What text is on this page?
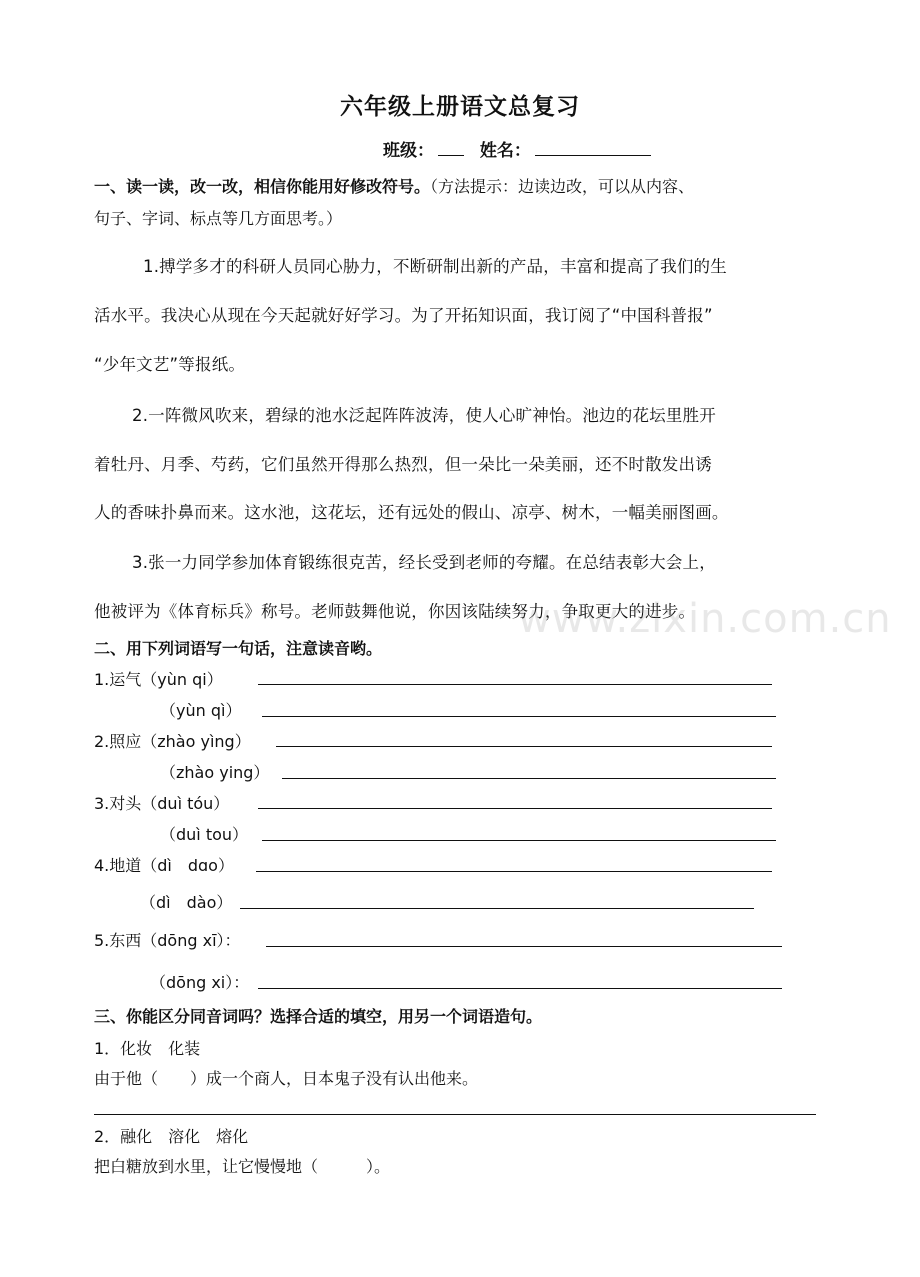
六年级上册语文总复习
班级：	姓名：
一、读一读，改一改，相信你能用好修改符号。（方法提示：边读边改，可以从内容、
句子、字词、标点等几方面思考。）
1.搏学多才的科研人员同心胁力，不断研制出新的产品，丰富和提高了我们的生
活水平。我决心从现在今天起就好好学习。为了开拓知识面，我订阅了“中国科普报”
“少年文艺”等报纸。
2.一阵微风吹来，碧绿的池水泛起阵阵波涛，使人心旷神怡。池边的花坛里胜开
着牡丹、月季、芍药，它们虽然开得那么热烈，但一朵比一朵美丽，还不时散发出诱
人的香味扑鼻而来。这水池，这花坛，还有远处的假山、凉亭、树木，一幅美丽图画。
3.张一力同学参加体育锻练很克苦，经长受到老师的夸耀。在总结表彰大会上，
他被评为《体育标兵》称号。老师鼓舞他说，你因该陆续努力，争取更大的进步。
www.zixin.com.cn
二、用下列词语写一句话，注意读音哟。
1.运气（yùn qi）
（yùn qì）
2.照应（zhào yìng）
（zhào ying）
3.对头（duì tóu）
（duì tou）
4.地道（dì　dɑo）
（dì　dào）
5.东西（dōng xī）：
（dōng xi）：
三、你能区分同音词吗？选择合适的填空，用另一个词语造句。
1．化妆　化装
由于他（　　）成一个商人，日本鬼子没有认出他来。
2．融化　溶化　熔化
把白糖放到水里，让它慢慢地（　　　）。
